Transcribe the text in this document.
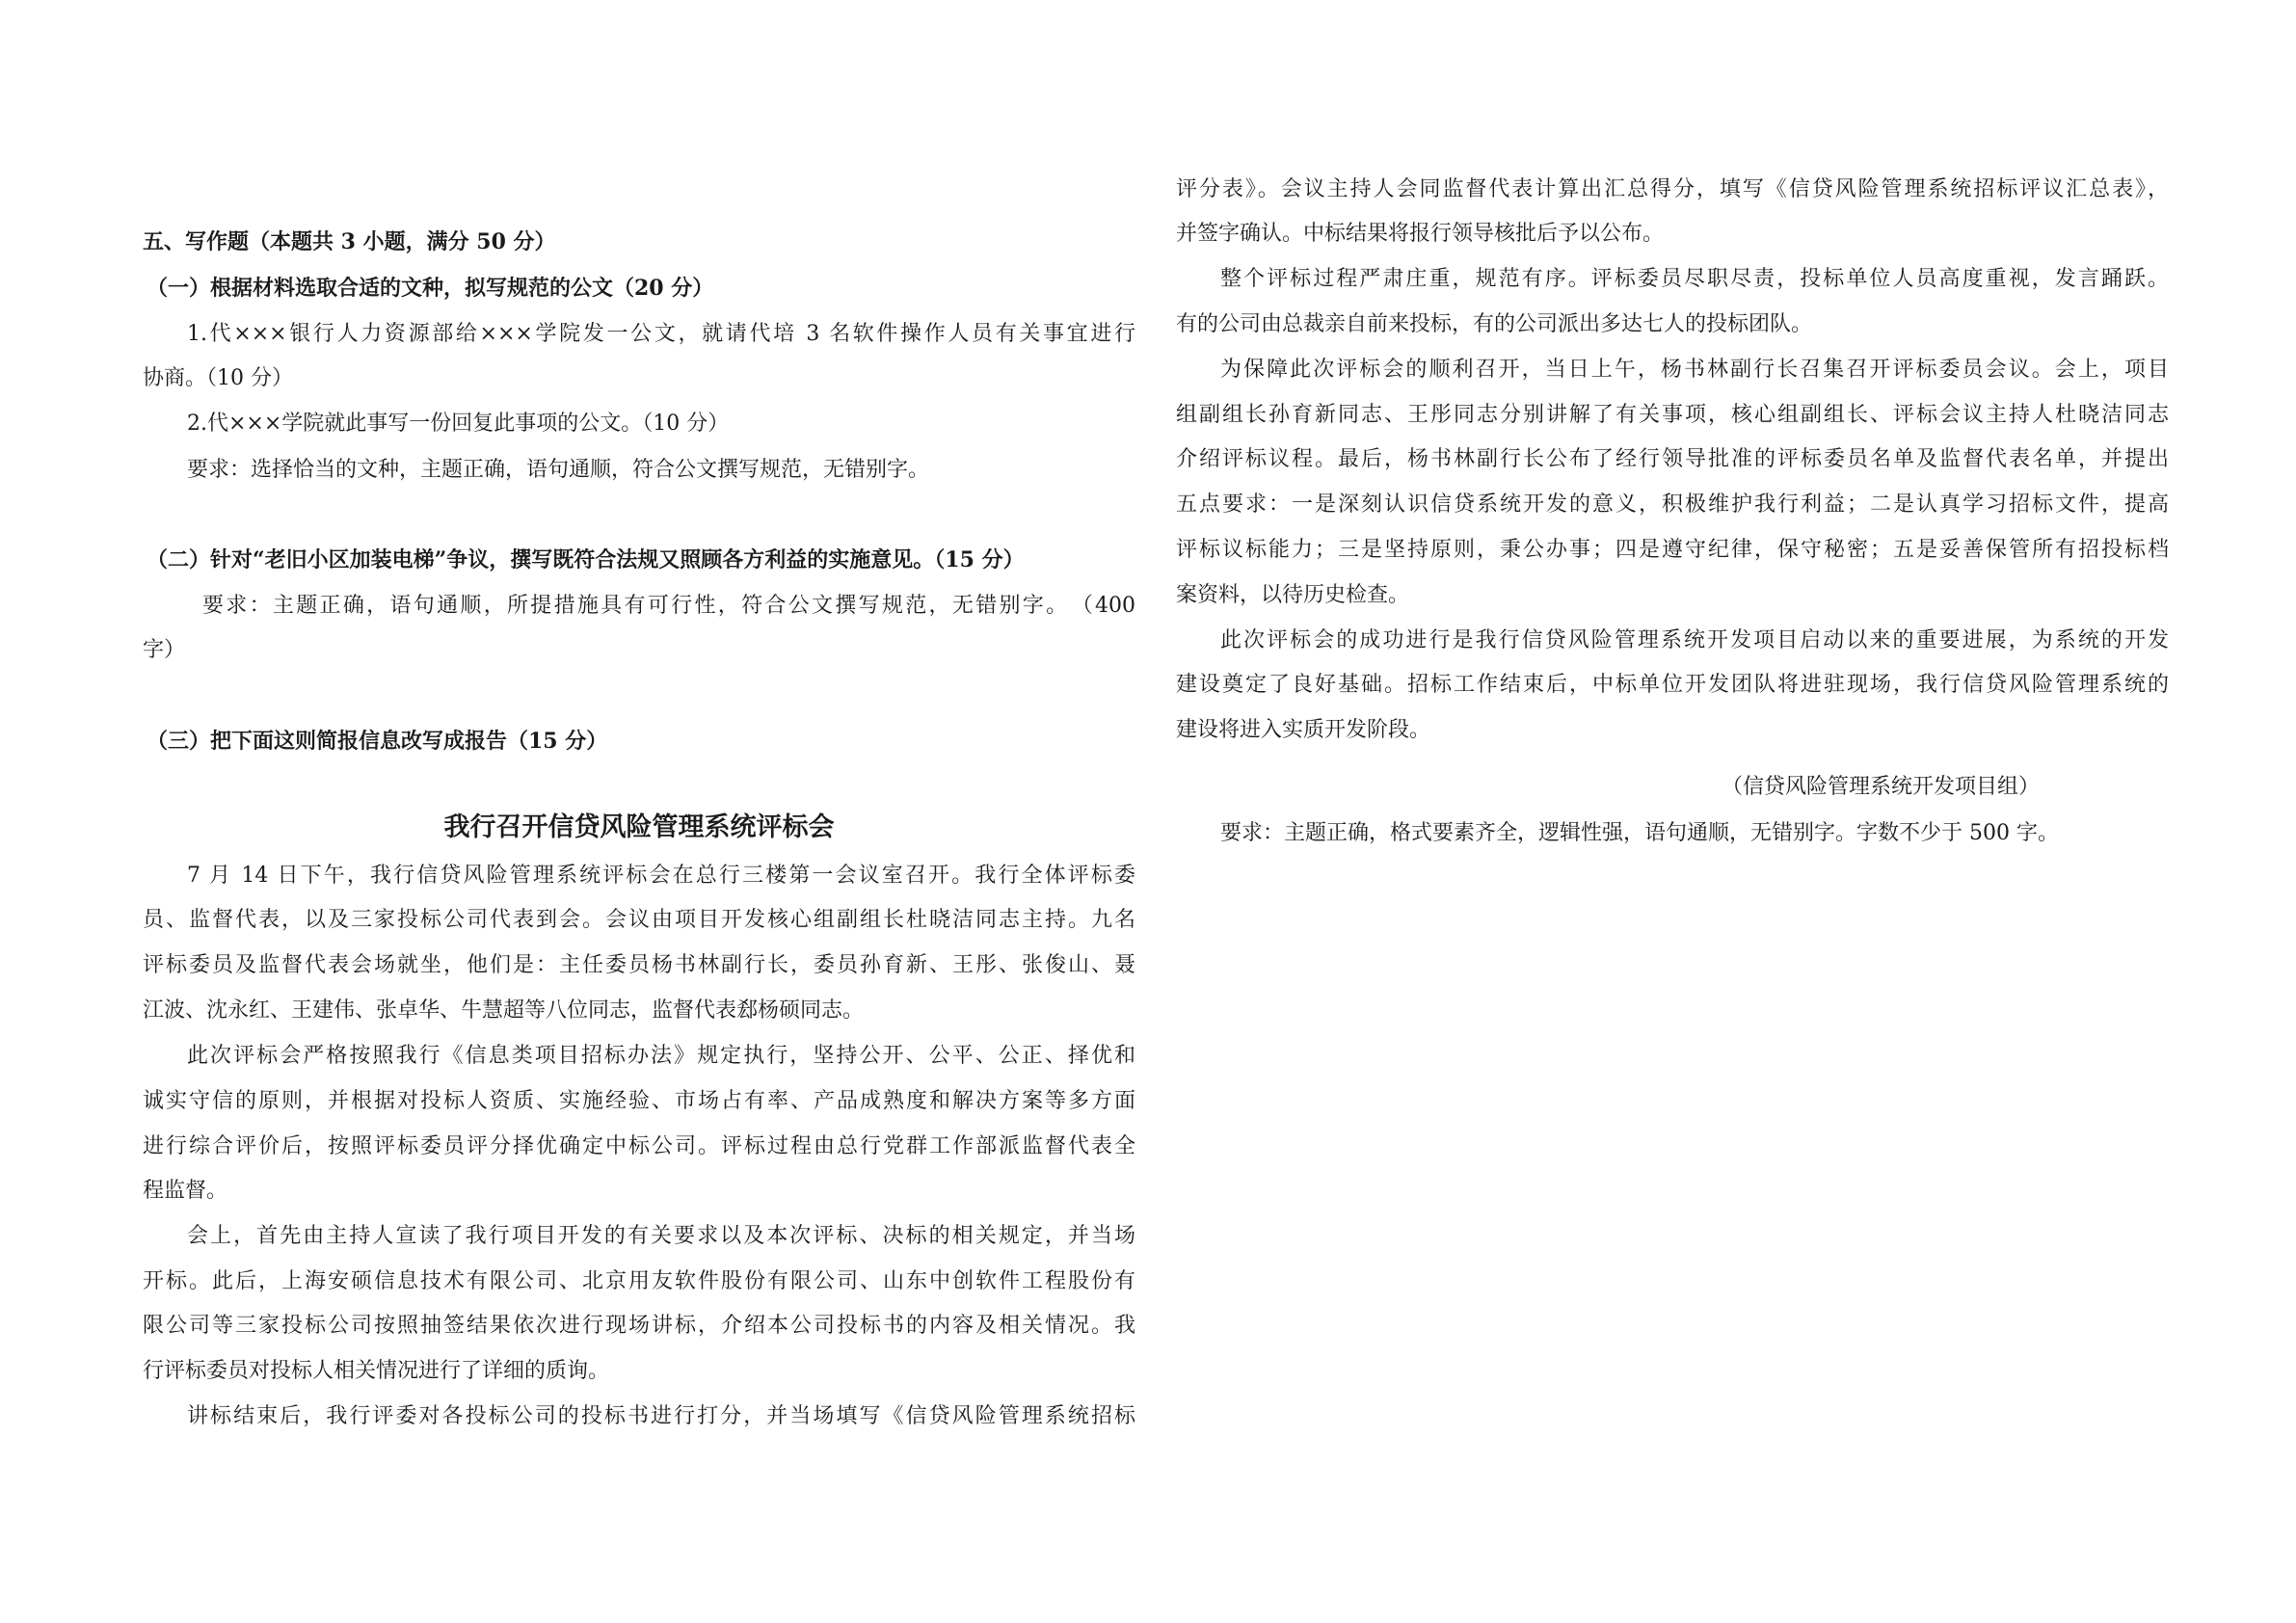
五、写作题（本题共 3 小题，满分 50 分）
（一）根据材料选取合适的文种，拟写规范的公文（20 分）
1.代×××银行人力资源部给×××学院发一公文，就请代培 3 名软件操作人员有关事宜进行
协商。（10 分）
2.代×××学院就此事写一份回复此事项的公文。（10 分）
要求：选择恰当的文种，主题正确，语句通顺，符合公文撰写规范，无错别字。
（二）针对“老旧小区加装电梯”争议，撰写既符合法规又照顾各方利益的实施意见。（15 分）
要求：主题正确，语句通顺，所提措施具有可行性，符合公文撰写规范，无错别字。　（400
字）
（三）把下面这则简报信息改写成报告（15 分）
我行召开信贷风险管理系统评标会
7 月 14 日下午，我行信贷风险管理系统评标会在总行三楼第一会议室召开。我行全体评标委
员、监督代表，以及三家投标公司代表到会。会议由项目开发核心组副组长杜晓洁同志主持。九名
评标委员及监督代表会场就坐，他们是：主任委员杨书林副行长，委员孙育新、王彤、张俊山、聂
江波、沈永红、王建伟、张卓华、牛慧超等八位同志，监督代表郄杨硕同志。
此次评标会严格按照我行《信息类项目招标办法》规定执行，坚持公开、公平、公正、择优和
诚实守信的原则，并根据对投标人资质、实施经验、市场占有率、产品成熟度和解决方案等多方面
进行综合评价后，按照评标委员评分择优确定中标公司。评标过程由总行党群工作部派监督代表全
程监督。
会上，首先由主持人宣读了我行项目开发的有关要求以及本次评标、决标的相关规定，并当场
开标。此后，上海安硕信息技术有限公司、北京用友软件股份有限公司、山东中创软件工程股份有
限公司等三家投标公司按照抽签结果依次进行现场讲标，介绍本公司投标书的内容及相关情况。我
行评标委员对投标人相关情况进行了详细的质询。
讲标结束后，我行评委对各投标公司的投标书进行打分，并当场填写《信贷风险管理系统招标
评分表》。会议主持人会同监督代表计算出汇总得分，填写《信贷风险管理系统招标评议汇总表》，
并签字确认。中标结果将报行领导核批后予以公布。
整个评标过程严肃庄重，规范有序。评标委员尽职尽责，投标单位人员高度重视，发言踊跃。
有的公司由总裁亲自前来投标，有的公司派出多达七人的投标团队。
为保障此次评标会的顺利召开，当日上午，杨书林副行长召集召开评标委员会议。会上，项目
组副组长孙育新同志、王彤同志分别讲解了有关事项，核心组副组长、评标会议主持人杜晓洁同志
介绍评标议程。最后，杨书林副行长公布了经行领导批准的评标委员名单及监督代表名单，并提出
五点要求：一是深刻认识信贷系统开发的意义，积极维护我行利益；二是认真学习招标文件，提高
评标议标能力；三是坚持原则，秉公办事；四是遵守纪律，保守秘密；五是妥善保管所有招投标档
案资料，以待历史检查。
此次评标会的成功进行是我行信贷风险管理系统开发项目启动以来的重要进展，为系统的开发
建设奠定了良好基础。招标工作结束后，中标单位开发团队将进驻现场，我行信贷风险管理系统的
建设将进入实质开发阶段。
（信贷风险管理系统开发项目组）
要求：主题正确，格式要素齐全，逻辑性强，语句通顺，无错别字。字数不少于 500 字。
